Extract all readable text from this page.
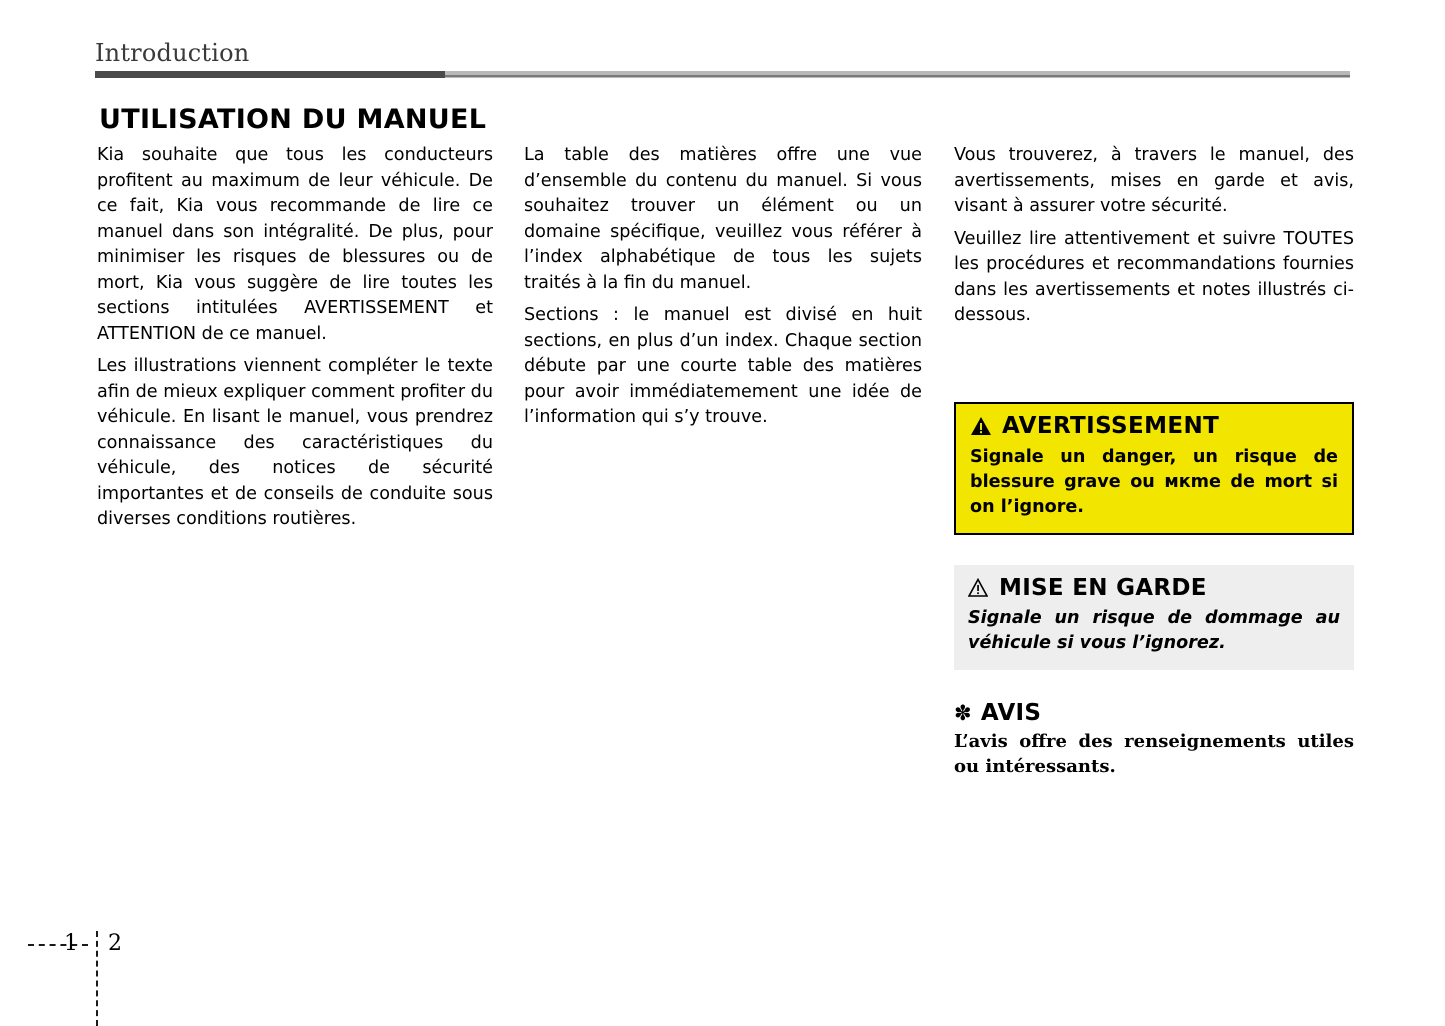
Introduction
UTILISATION DU MANUEL

Kia souhaite que tous les conducteurs profitent au maximum de leur véhicule. De ce fait, Kia vous recommande de lire ce manuel dans son intégralité. De plus, pour minimiser les risques de blessures ou de mort, Kia vous suggère de lire toutes les sections intitulées AVERTISSEMENT et ATTENTION de ce manuel.

Les illustrations viennent compléter le texte afin de mieux expliquer comment profiter du véhicule. En lisant le manuel, vous prendrez connaissance des caractéristiques du véhicule, des notices de sécurité importantes et de conseils de conduite sous diverses conditions routières.

La table des matières offre une vue d’ensemble du contenu du manuel. Si vous souhaitez trouver un élément ou un domaine spécifique, veuillez vous référer à l’index alphabétique de tous les sujets traités à la fin du manuel.

Sections : le manuel est divisé en huit sections, en plus d’un index. Chaque section débute par une courte table des matières pour avoir immédiatemement une idée de l’information qui s’y trouve.

Vous trouverez, à travers le manuel, des avertissements, mises en garde et avis, visant à assurer votre sécurité.

Veuillez lire attentivement et suivre TOUTES les procédures et recommandations fournies dans les avertissements et notes illustrés ci-dessous.

AVERTISSEMENT
Signale un danger, un risque de blessure grave ou мкme de mort si on l’ignore.
MISE EN GARDE
Signale un risque de dommage au véhicule si vous l’ignorez.
✽ AVIS
L’avis offre des renseignements utiles ou intéressants.
1 2
